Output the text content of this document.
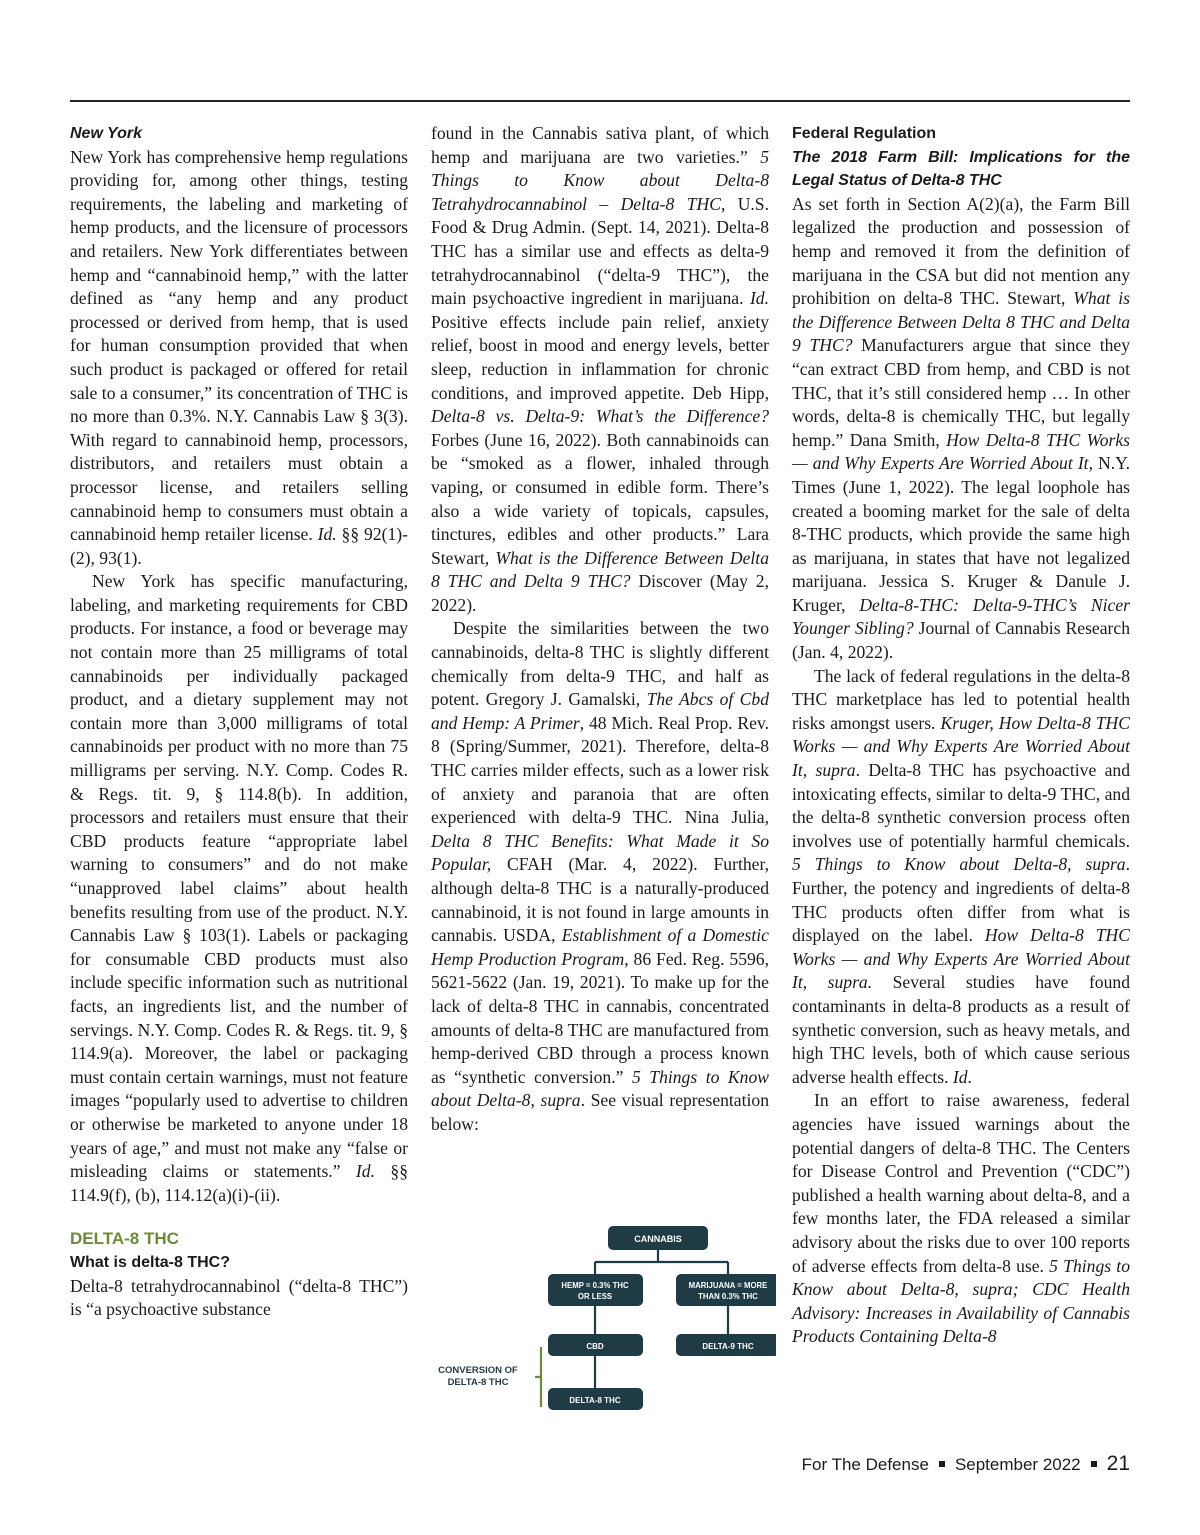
New York

New York has comprehensive hemp regulations providing for, among other things, testing requirements, the labeling and marketing of hemp products, and the licensure of processors and retailers. New York differentiates between hemp and “cannabinoid hemp,” with the latter defined as “any hemp and any product processed or derived from hemp, that is used for human consumption provided that when such product is packaged or offered for retail sale to a consumer,” its concentration of THC is no more than 0.3%. N.Y. Cannabis Law § 3(3). With regard to cannabinoid hemp, processors, distributors, and retailers must obtain a processor license, and retailers selling cannabinoid hemp to consumers must obtain a cannabinoid hemp retailer license. Id. §§ 92(1)-(2), 93(1).

New York has specific manufacturing, labeling, and marketing requirements for CBD products. For instance, a food or beverage may not contain more than 25 milligrams of total cannabinoids per individually packaged product, and a dietary supplement may not contain more than 3,000 milligrams of total cannabinoids per product with no more than 75 milligrams per serving. N.Y. Comp. Codes R. & Regs. tit. 9, § 114.8(b). In addition, processors and retailers must ensure that their CBD products feature “appropriate label warning to consumers” and do not make “unapproved label claims” about health benefits resulting from use of the product. N.Y. Cannabis Law § 103(1). Labels or packaging for consumable CBD products must also include specific information such as nutritional facts, an ingredients list, and the number of servings. N.Y. Comp. Codes R. & Regs. tit. 9, § 114.9(a). Moreover, the label or packaging must contain certain warnings, must not feature images “popularly used to advertise to children or otherwise be marketed to anyone under 18 years of age,” and must not make any “false or misleading claims or statements.” Id. §§ 114.9(f), (b), 114.12(a)(i)-(ii).

DELTA-8 THC

What is delta-8 THC?

Delta-8 tetrahydrocannabinol (“delta-8 THC”) is “a psychoactive substance

found in the Cannabis sativa plant, of which hemp and marijuana are two varieties.” 5 Things to Know about Delta-8 Tetrahydrocannabinol – Delta-8 THC, U.S. Food & Drug Admin. (Sept. 14, 2021). Delta-8 THC has a similar use and effects as delta-9 tetrahydrocannabinol (“delta-9 THC”), the main psychoactive ingredient in marijuana. Id. Positive effects include pain relief, anxiety relief, boost in mood and energy levels, better sleep, reduction in inflammation for chronic conditions, and improved appetite. Deb Hipp, Delta-8 vs. Delta-9: What’s the Difference? Forbes (June 16, 2022). Both cannabinoids can be “smoked as a flower, inhaled through vaping, or consumed in edible form. There’s also a wide variety of topicals, capsules, tinctures, edibles and other products.” Lara Stewart, What is the Difference Between Delta 8 THC and Delta 9 THC? Discover (May 2, 2022).

Despite the similarities between the two cannabinoids, delta-8 THC is slightly different chemically from delta-9 THC, and half as potent. Gregory J. Gamalski, The Abcs of Cbd and Hemp: A Primer, 48 Mich. Real Prop. Rev. 8 (Spring/Summer, 2021). Therefore, delta-8 THC carries milder effects, such as a lower risk of anxiety and paranoia that are often experienced with delta-9 THC. Nina Julia, Delta 8 THC Benefits: What Made it So Popular, CFAH (Mar. 4, 2022). Further, although delta-8 THC is a naturally-produced cannabinoid, it is not found in large amounts in cannabis. USDA, Establishment of a Domestic Hemp Production Program, 86 Fed. Reg. 5596, 5621-5622 (Jan. 19, 2021). To make up for the lack of delta-8 THC in cannabis, concentrated amounts of delta-8 THC are manufactured from hemp-derived CBD through a process known as “synthetic conversion.” 5 Things to Know about Delta-8, supra. See visual representation below:

CANNABIS
HEMP = 0.3% THC
OR LESS
MARIJUANA = MORE
THAN 0.3% THC
CBD	DELTA-9 THC
DELTA-8 THC
CONVERSION OF
DELTA-8 THC

Federal Regulation

The 2018 Farm Bill: Implications for the Legal Status of Delta-8 THC

As set forth in Section A(2)(a), the Farm Bill legalized the production and possession of hemp and removed it from the definition of marijuana in the CSA but did not mention any prohibition on delta-8 THC. Stewart, What is the Difference Between Delta 8 THC and Delta 9 THC? Manufacturers argue that since they “can extract CBD from hemp, and CBD is not THC, that it’s still considered hemp … In other words, delta-8 is chemically THC, but legally hemp.” Dana Smith, How Delta-8 THC Works — and Why Experts Are Worried About It, N.Y. Times (June 1, 2022). The legal loophole has created a booming market for the sale of delta 8-THC products, which provide the same high as marijuana, in states that have not legalized marijuana. Jessica S. Kruger & Danule J. Kruger, Delta-8-THC: Delta-9-THC’s Nicer Younger Sibling? Journal of Cannabis Research (Jan. 4, 2022).

The lack of federal regulations in the delta-8 THC marketplace has led to potential health risks amongst users. Kruger, How Delta-8 THC Works — and Why Experts Are Worried About It, supra. Delta-8 THC has psychoactive and intoxicating effects, similar to delta-9 THC, and the delta-8 synthetic conversion process often involves use of potentially harmful chemicals. 5 Things to Know about Delta-8, supra. Further, the potency and ingredients of delta-8 THC products often differ from what is displayed on the label. How Delta-8 THC Works — and Why Experts Are Worried About It, supra. Several studies have found contaminants in delta-8 products as a result of synthetic conversion, such as heavy metals, and high THC levels, both of which cause serious adverse health effects. Id.

In an effort to raise awareness, federal agencies have issued warnings about the potential dangers of delta-8 THC. The Centers for Disease Control and Prevention (“CDC”) published a health warning about delta-8, and a few months later, the FDA released a similar advisory about the risks due to over 100 reports of adverse effects from delta-8 use. 5 Things to Know about Delta-8, supra; CDC Health Advisory: Increases in Availability of Cannabis Products Containing Delta-8

For The Defense September 2022 21
